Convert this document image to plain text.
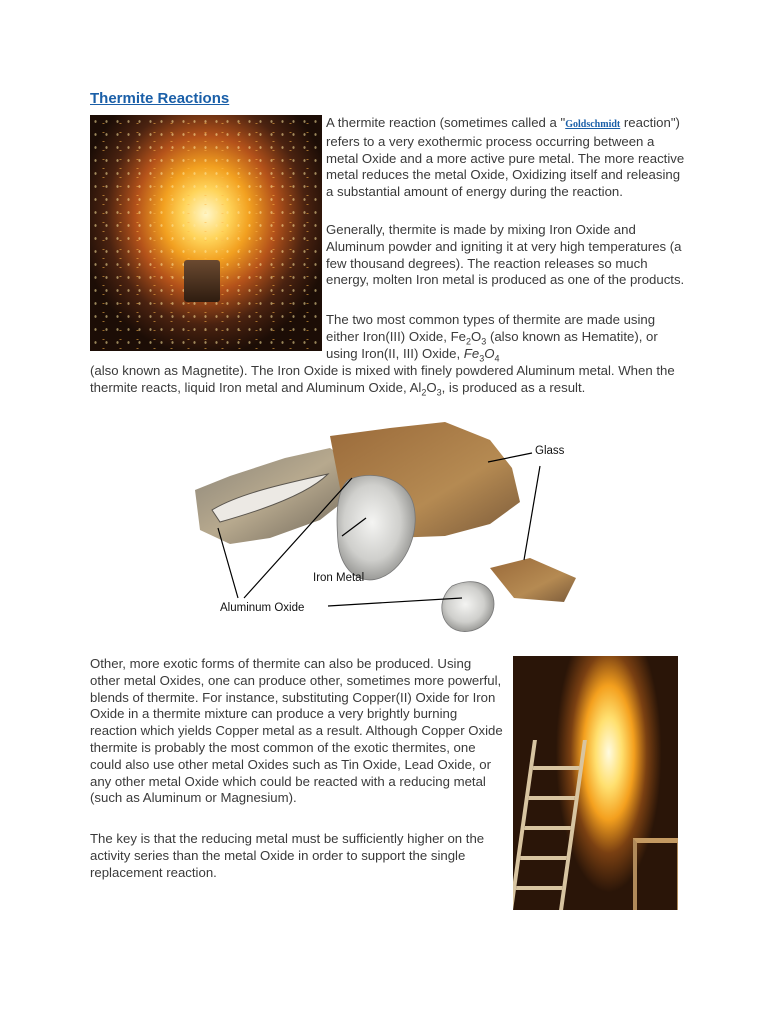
Thermite Reactions

A thermite reaction (sometimes called a "Goldschmidt reaction") refers to a very exothermic process occurring between a metal Oxide and a more active pure metal. The more reactive metal reduces the metal Oxide, Oxidizing itself and releasing a substantial amount of energy during the reaction.

Generally, thermite is made by mixing Iron Oxide and Aluminum powder and igniting it at very high temperatures (a few thousand degrees). The reaction releases so much energy, molten Iron metal is produced as one of the products.

The two most common types of thermite are made using either Iron(III) Oxide, $Fe_2O_3$ (also known as Hematite), or using Iron(II, III) Oxide, $Fe_3O_4$

(also known as Magnetite). The Iron Oxide is mixed with finely powdered Aluminum metal. When the thermite reacts, liquid Iron metal and Aluminum Oxide, $Al_2O_3$, is produced as a result.

Glass
Iron Metal
Aluminum Oxide

Other, more exotic forms of thermite can also be produced. Using other metal Oxides, one can produce other, sometimes more powerful, blends of thermite. For instance, substituting Copper(II) Oxide for Iron Oxide in a thermite mixture can produce a very brightly burning reaction which yields Copper metal as a result. Although Copper Oxide thermite is probably the most common of the exotic thermites, one could also use other metal Oxides such as Tin Oxide, Lead Oxide, or any other metal Oxide which could be reacted with a reducing metal (such as Aluminum or Magnesium).

The key is that the reducing metal must be sufficiently higher on the activity series than the metal Oxide in order to support the single replacement reaction.
